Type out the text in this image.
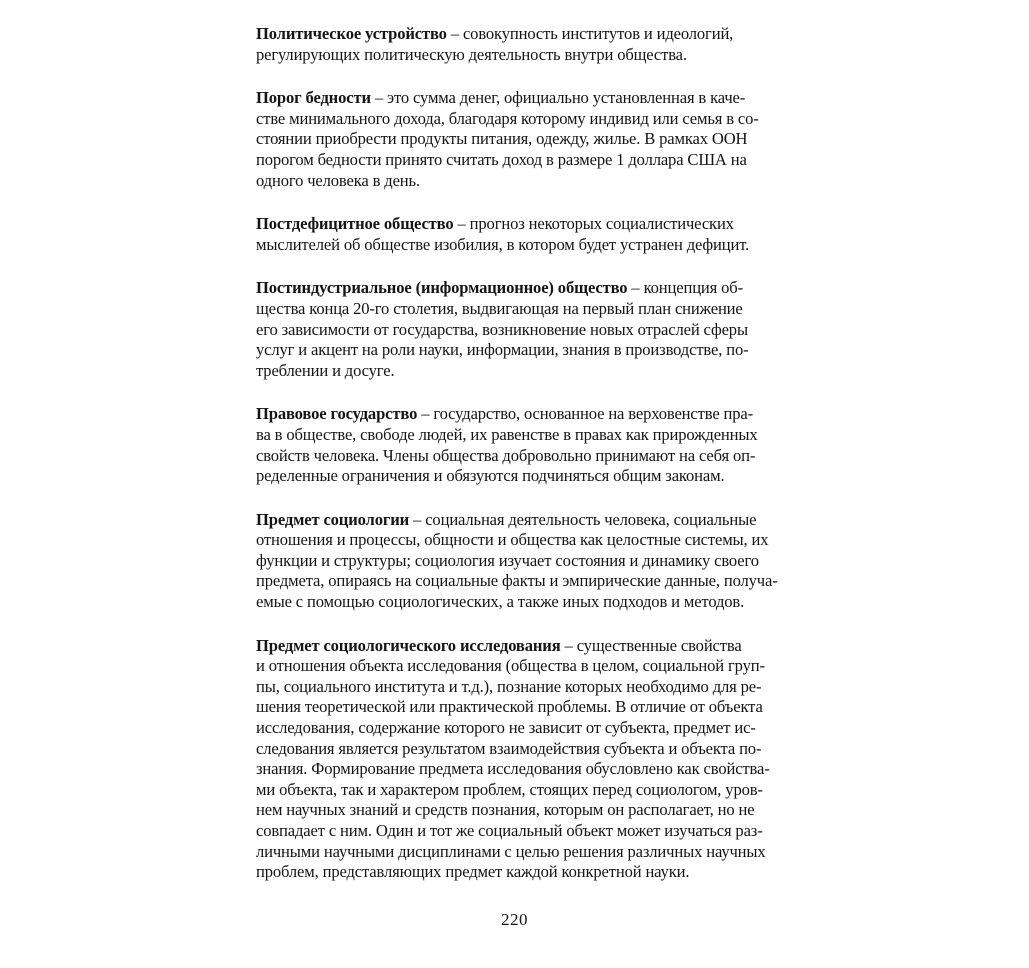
Политическое устройство – совокупность институтов и идеологий,
регулирующих политическую деятельность внутри общества.
Порог бедности – это сумма денег, официально установленная в каче-
стве минимального дохода, благодаря которому индивид или семья в со-
стоянии приобрести продукты питания, одежду, жилье. В рамках ООН
порогом бедности принято считать доход в размере 1 доллара США на
одного человека в день.
Постдефицитное общество – прогноз некоторых социалистических
мыслителей об обществе изобилия, в котором будет устранен дефицит.
Постиндустриальное (информационное) общество – концепция об-
щества конца 20-го столетия, выдвигающая на первый план снижение
его зависимости от государства, возникновение новых отраслей сферы
услуг и акцент на роли науки, информации, знания в производстве, по-
треблении и досуге.
Правовое государство – государство, основанное на верховенстве пра-
ва в обществе, свободе людей, их равенстве в правах как прирожденных
свойств человека. Члены общества добровольно принимают на себя оп-
ределенные ограничения и обязуются подчиняться общим законам.
Предмет социологии – социальная деятельность человека, социальные
отношения и процессы, общности и общества как целостные системы, их
функции и структуры; социология изучает состояния и динамику своего
предмета, опираясь на социальные факты и эмпирические данные, получа-
емые с помощью социологических, а также иных подходов и методов.
Предмет социологического исследования – существенные свойства
и отношения объекта исследования (общества в целом, социальной груп-
пы, социального института и т.д.), познание которых необходимо для ре-
шения теоретической или практической проблемы. В отличие от объекта
исследования, содержание которого не зависит от субъекта, предмет ис-
следования является результатом взаимодействия субъекта и объекта по-
знания. Формирование предмета исследования обусловлено как свойства-
ми объекта, так и характером проблем, стоящих перед социологом, уров-
нем научных знаний и средств познания, которым он располагает, но не
совпадает с ним. Один и тот же социальный объект может изучаться раз-
личными научными дисциплинами с целью решения различных научных
проблем, представляющих предмет каждой конкретной науки.
220
